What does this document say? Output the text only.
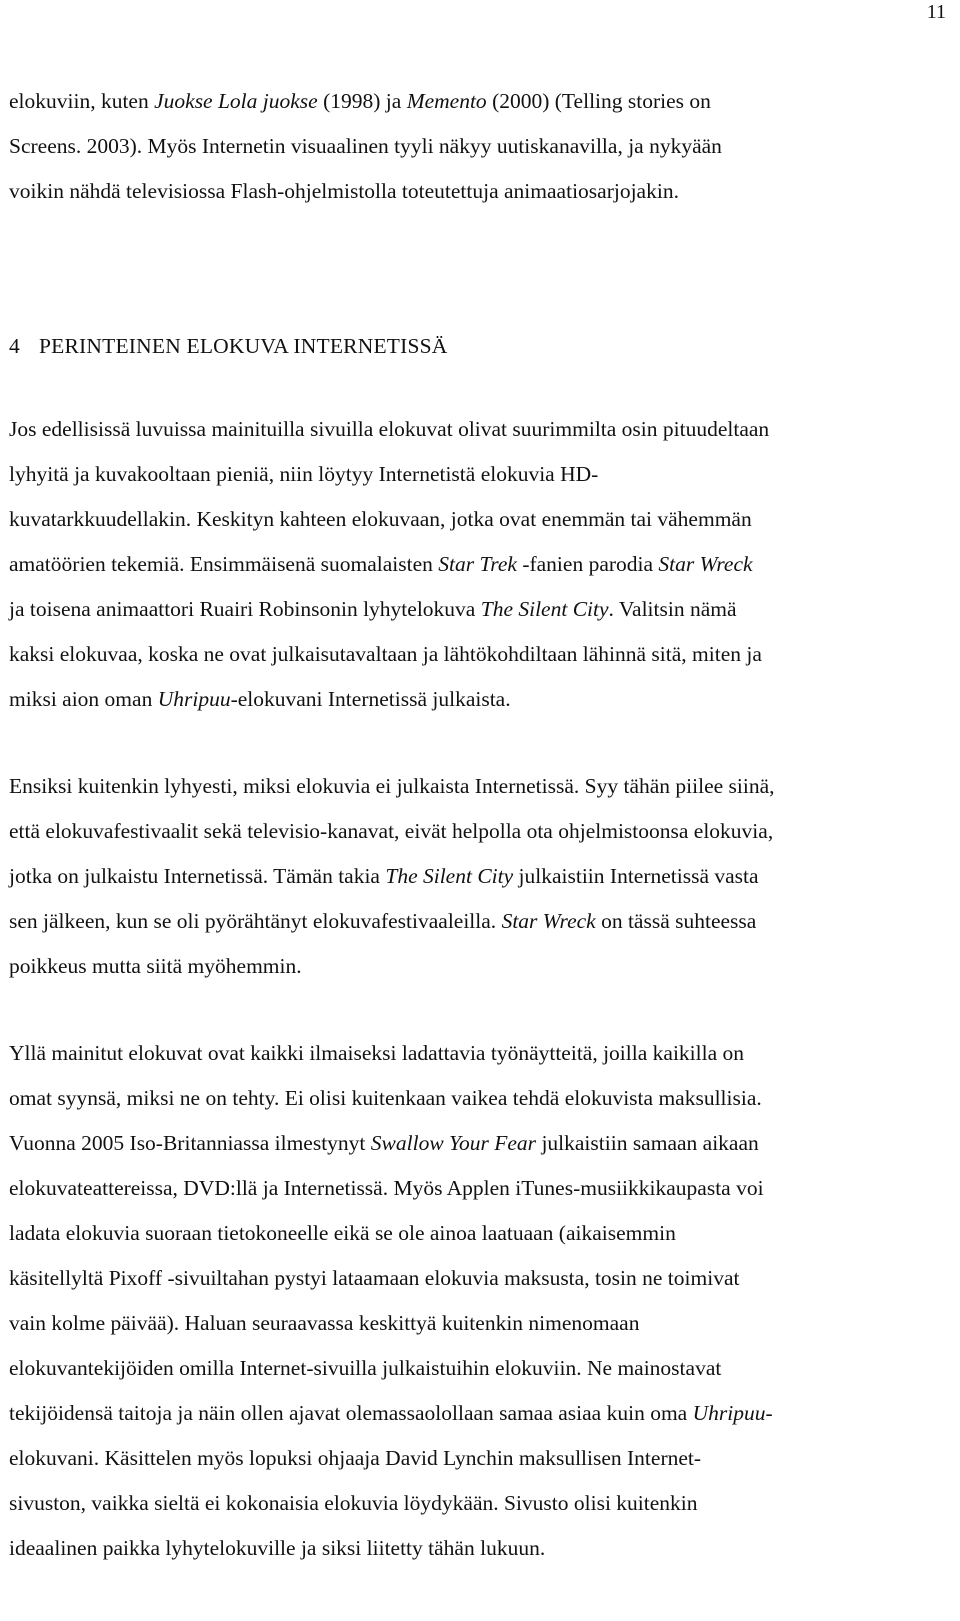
11

elokuviin, kuten Juokse Lola juokse (1998) ja Memento (2000) (Telling stories on
Screens. 2003). Myös Internetin visuaalinen tyyli näkyy uutiskanavilla, ja nykyään
voikin nähdä televisiossa Flash-ohjelmistolla toteutettuja animaatiosarjojakin.

4 PERINTEINEN ELOKUVA INTERNETISSÄ

Jos edellisissä luvuissa mainituilla sivuilla elokuvat olivat suurimmilta osin pituudeltaan
lyhyitä ja kuvakooltaan pieniä, niin löytyy Internetistä elokuvia HD-
kuvatarkkuudellakin. Keskityn kahteen elokuvaan, jotka ovat enemmän tai vähemmän
amatöörien tekemiä. Ensimmäisenä suomalaisten Star Trek -fanien parodia Star Wreck
ja toisena animaattori Ruairi Robinsonin lyhytelokuva The Silent City. Valitsin nämä
kaksi elokuvaa, koska ne ovat julkaisutavaltaan ja lähtökohdiltaan lähinnä sitä, miten ja
miksi aion oman Uhripuu-elokuvani Internetissä julkaista.

Ensiksi kuitenkin lyhyesti, miksi elokuvia ei julkaista Internetissä. Syy tähän piilee siinä,
että elokuvafestivaalit sekä televisio-kanavat, eivät helpolla ota ohjelmistoonsa elokuvia,
jotka on julkaistu Internetissä. Tämän takia The Silent City julkaistiin Internetissä vasta
sen jälkeen, kun se oli pyörähtänyt elokuvafestivaaleilla. Star Wreck on tässä suhteessa
poikkeus mutta siitä myöhemmin.

Yllä mainitut elokuvat ovat kaikki ilmaiseksi ladattavia työnäytteitä, joilla kaikilla on
omat syynsä, miksi ne on tehty. Ei olisi kuitenkaan vaikea tehdä elokuvista maksullisia.
Vuonna 2005 Iso-Britanniassa ilmestynyt Swallow Your Fear julkaistiin samaan aikaan
elokuvateattereissa, DVD:llä ja Internetissä. Myös Applen iTunes-musiikkikaupasta voi
ladata elokuvia suoraan tietokoneelle eikä se ole ainoa laatuaan (aikaisemmin
käsitellyltä Pixoff -sivuiltahan pystyi lataamaan elokuvia maksusta, tosin ne toimivat
vain kolme päivää). Haluan seuraavassa keskittyä kuitenkin nimenomaan
elokuvantekijöiden omilla Internet-sivuilla julkaistuihin elokuviin. Ne mainostavat
tekijöidensä taitoja ja näin ollen ajavat olemassaolollaan samaa asiaa kuin oma Uhripuu-
elokuvani. Käsittelen myös lopuksi ohjaaja David Lynchin maksullisen Internet-
sivuston, vaikka sieltä ei kokonaisia elokuvia löydykään. Sivusto olisi kuitenkin
ideaalinen paikka lyhytelokuville ja siksi liitetty tähän lukuun.
